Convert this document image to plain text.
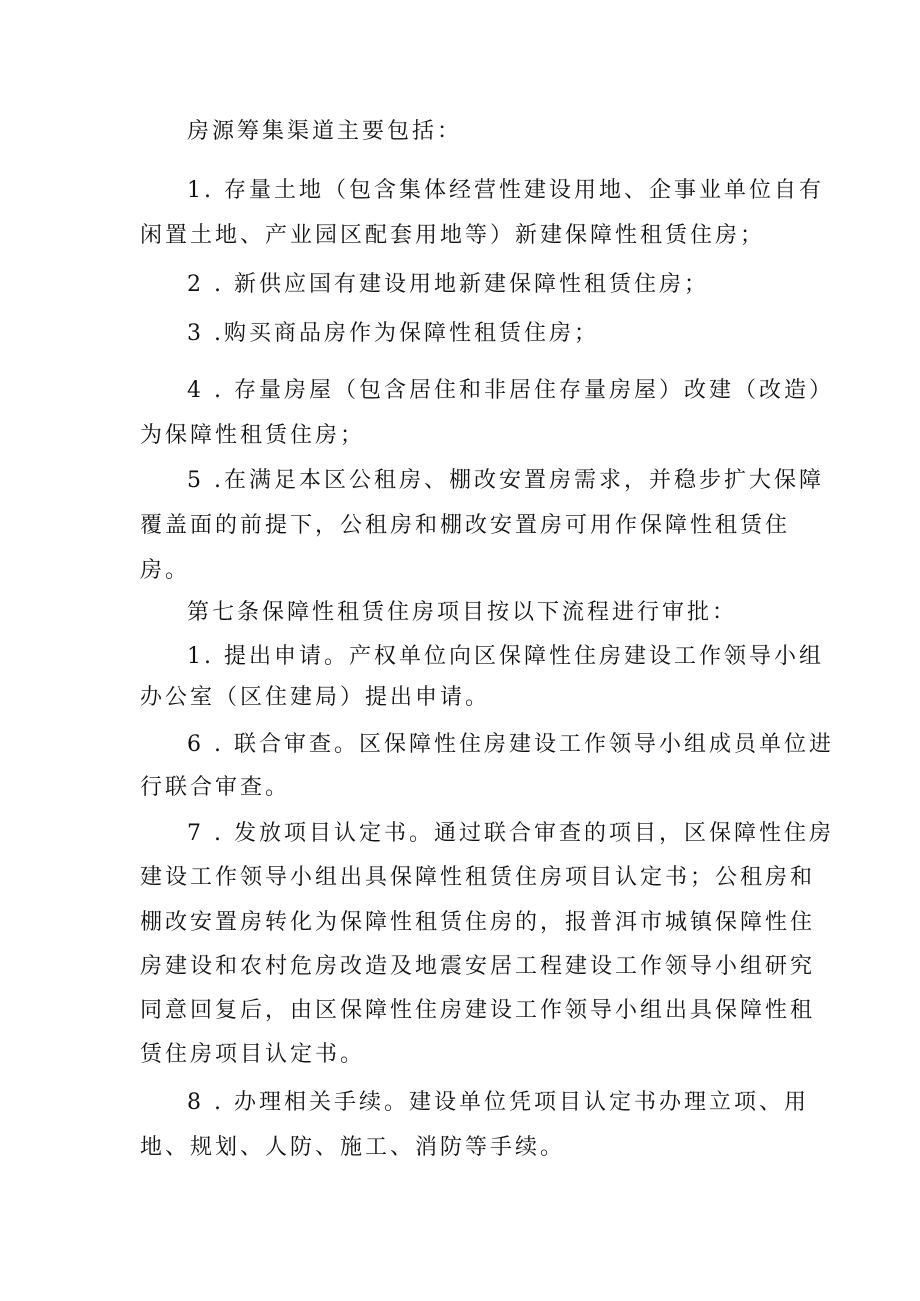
房源筹集渠道主要包括：
1. 存量土地（包含集体经营性建设用地、企事业单位自有
闲置土地、产业园区配套用地等）新建保障性租赁住房；
2 . 新供应国有建设用地新建保障性租赁住房；
3 .购买商品房作为保障性租赁住房；
4 . 存量房屋（包含居住和非居住存量房屋）改建（改造）
为保障性租赁住房；
5 .在满足本区公租房、棚改安置房需求，并稳步扩大保障
覆盖面的前提下，公租房和棚改安置房可用作保障性租赁住
房。
第七条保障性租赁住房项目按以下流程进行审批：
1. 提出申请。产权单位向区保障性住房建设工作领导小组
办公室（区住建局）提出申请。
6 . 联合审查。区保障性住房建设工作领导小组成员单位进
行联合审查。
7 . 发放项目认定书。通过联合审查的项目，区保障性住房
建设工作领导小组出具保障性租赁住房项目认定书；公租房和
棚改安置房转化为保障性租赁住房的，报普洱市城镇保障性住
房建设和农村危房改造及地震安居工程建设工作领导小组研究
同意回复后，由区保障性住房建设工作领导小组出具保障性租
赁住房项目认定书。
8 . 办理相关手续。建设单位凭项目认定书办理立项、用
地、规划、人防、施工、消防等手续。
